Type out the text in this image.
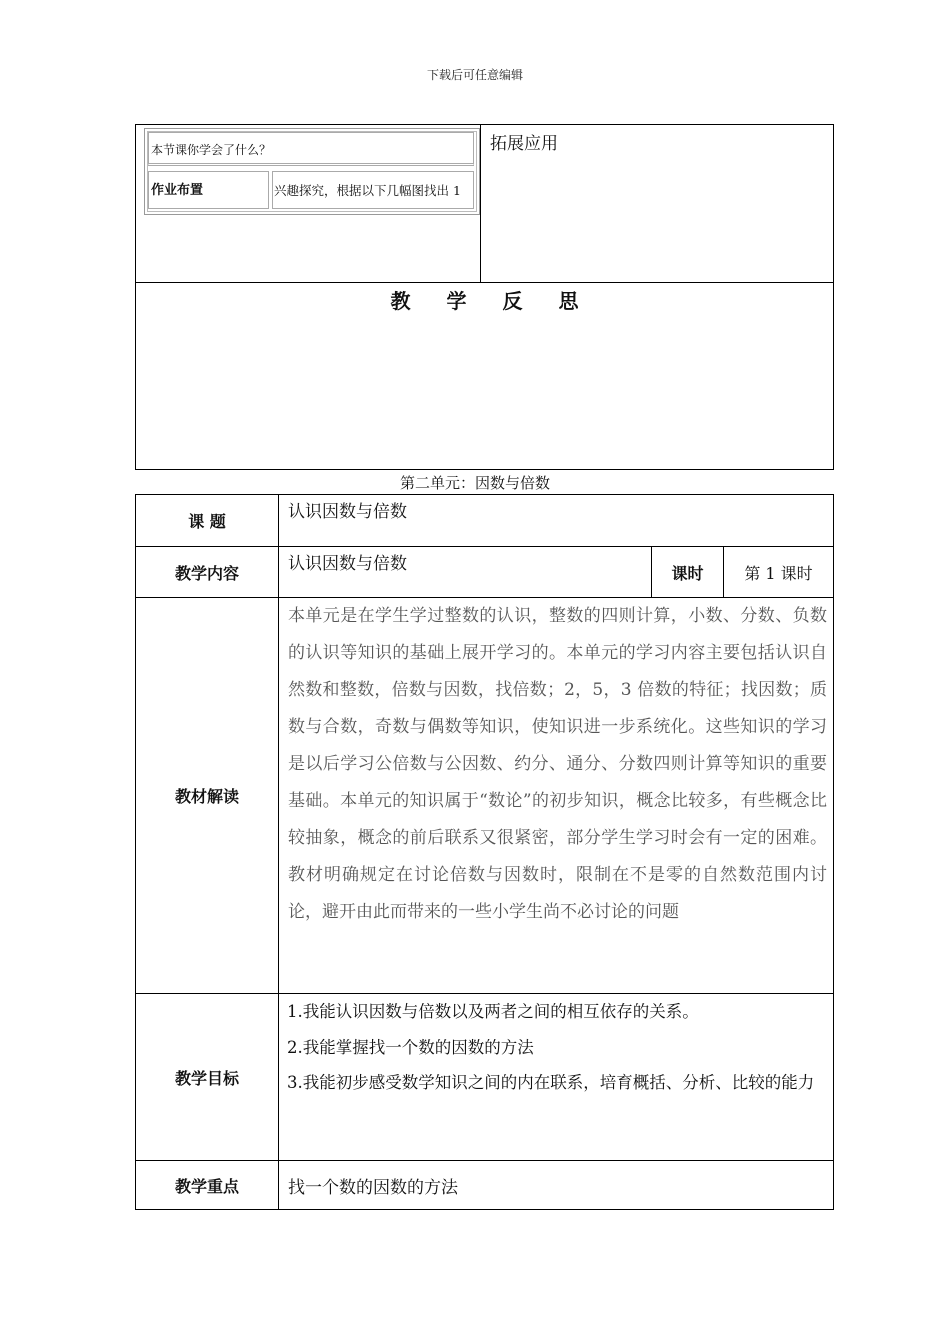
下载后可任意编辑
本节课你学会了什么？
作业布置	兴趣探究，根据以下几幅图找出 1
拓展应用
教学反思
第二单元：因数与倍数
课 题	认识因数与倍数		

教学内容	认识因数与倍数	课时	第 1 课时
教材解读	本单元是在学生学过整数的认识，整数的四则计算，小数、分数、负数的认识等知识的基础上展开学习的。本单元的学习内容主要包括认识自然数和整数，倍数与因数，找倍数；2，5，3 倍数的特征；找因数；质数与合数，奇数与偶数等知识，使知识进一步系统化。这些知识的学习是以后学习公倍数与公因数、约分、通分、分数四则计算等知识的重要基础。本单元的知识属于“数论”的初步知识，概念比较多，有些概念比较抽象，概念的前后联系又很紧密，部分学生学习时会有一定的困难。教材明确规定在讨论倍数与因数时，限制在不是零的自然数范围内讨论，避开由此而带来的一些小学生尚不必讨论的问题		

教学目标	1.我能认识因数与倍数以及两者之间的相互依存的关系。
2.我能掌握找一个数的因数的方法
3.我能初步感受数学知识之间的内在联系，培育概括、分析、比较的能力		

教学重点	找一个数的因数的方法		
